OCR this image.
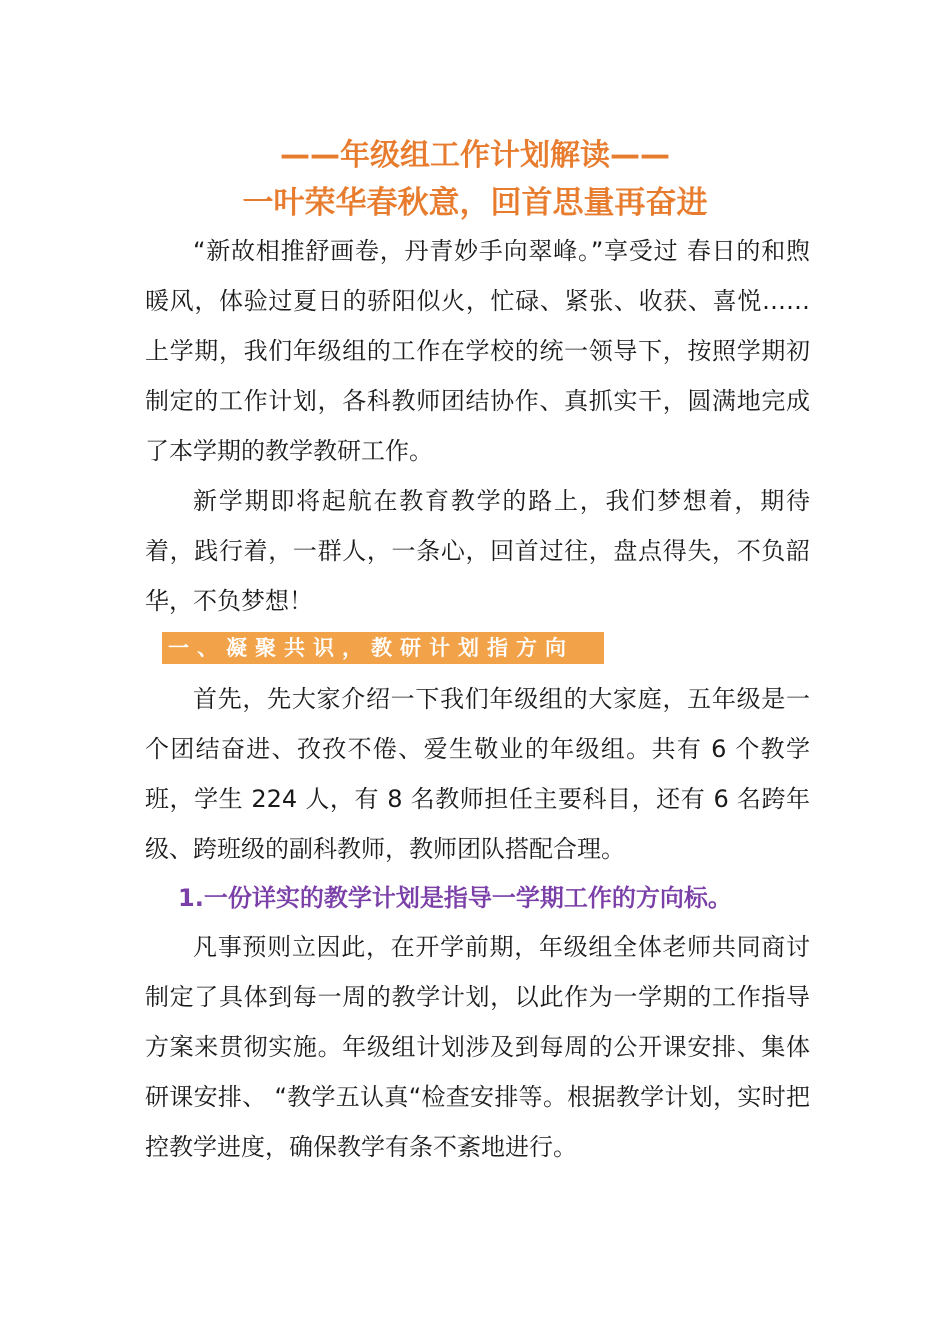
——年级组工作计划解读——
一叶荣华春秋意，回首思量再奋进

“新故相推舒画卷，丹青妙手向翠峰。”享受过 春日的和煦暖风，体验过夏日的骄阳似火，忙碌、紧张、收获、喜悦……上学期，我们年级组的工作在学校的统一领导下，按照学期初制定的工作计划，各科教师团结协作、真抓实干，圆满地完成了本学期的教学教研工作。

新学期即将起航在教育教学的路上，我们梦想着，期待着，践行着，一群人，一条心，回首过往，盘点得失，不负韶华，不负梦想！

一、凝聚共识，教研计划指方向

首先，先大家介绍一下我们年级组的大家庭，五年级是一个团结奋进、孜孜不倦、爱生敬业的年级组。共有 6 个教学班，学生 224 人，有 8 名教师担任主要科目，还有 6 名跨年级、跨班级的副科教师，教师团队搭配合理。

1.一份详实的教学计划是指导一学期工作的方向标。

凡事预则立因此，在开学前期，年级组全体老师共同商讨制定了具体到每一周的教学计划，以此作为一学期的工作指导方案来贯彻实施。年级组计划涉及到每周的公开课安排、集体研课安排、 “教学五认真“检查安排等。根据教学计划，实时把控教学进度，确保教学有条不紊地进行。
